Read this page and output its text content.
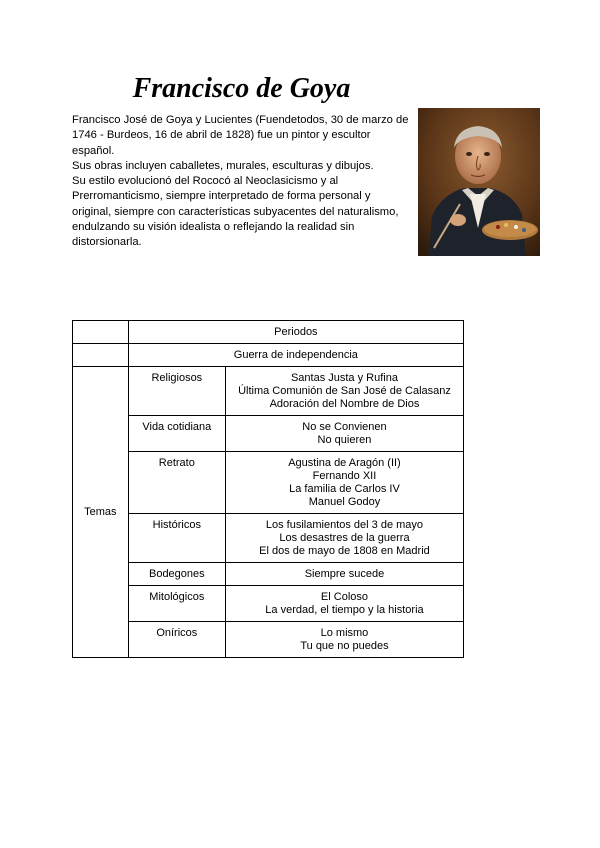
Francisco de Goya

Francisco José de Goya y Lucientes (Fuendetodos, 30 de marzo de 1746 - Burdeos, 16 de abril de 1828) fue un pintor y escultor español.

Sus obras incluyen caballetes, murales, esculturas y dibujos.

Su estilo evolucionó del Rococó al Neoclasicismo y al Prerromanticismo, siempre interpretado de forma personal y original, siempre con características subyacentes del naturalismo, endulzando su visión idealista o reflejando la realidad sin distorsionarla.

	Periodos	
	Guerra de independencia	
Temas	Religiosos	Santas Justa y Rufina
Última Comunión de San José de Calasanz
Adoración del Nombre de Dios

	Vida cotidiana	No se Convienen
No quieren

	Retrato	Agustina de Aragón (II)
Fernando XII
La familia de Carlos IV
Manuel Godoy

	Históricos	Los fusilamientos del 3 de mayo
Los desastres de la guerra
El dos de mayo de 1808 en Madrid

	Bodegones	Siempre sucede

	Mitológicos	El Coloso
La verdad, el tiempo y la historia

	Oníricos	Lo mismo
Tu que no puedes
